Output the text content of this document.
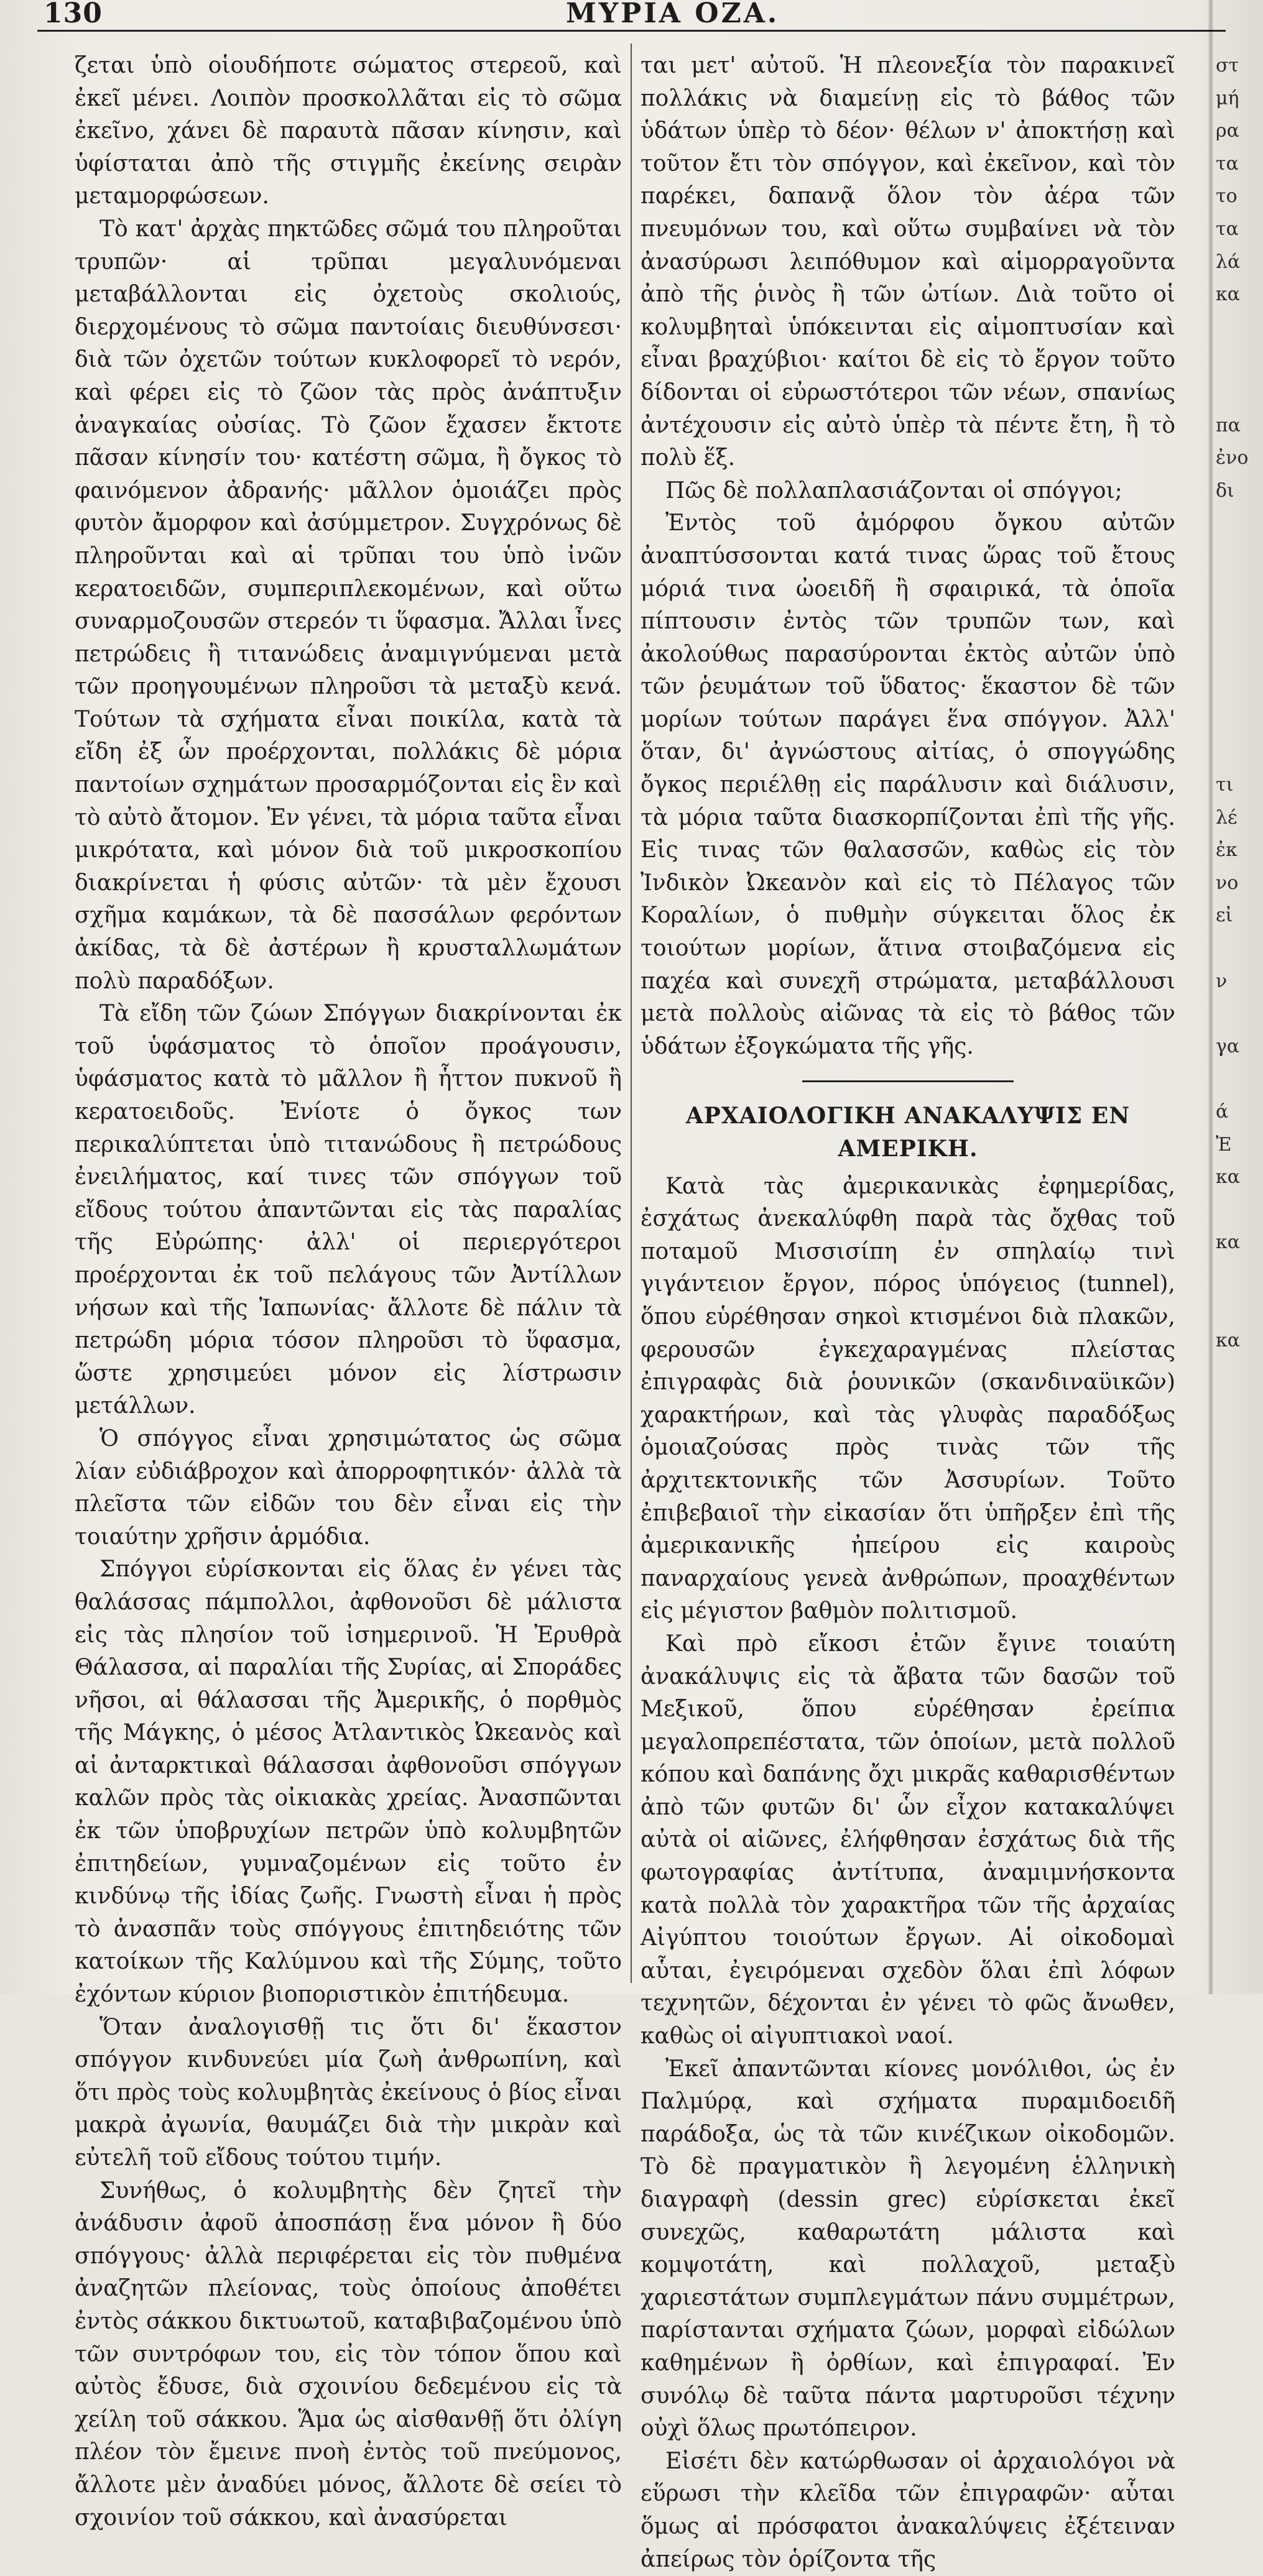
130	ΜΥΡΙΑ ΟΖΑ.

ζεται ὑπὸ οἱουδήποτε σώματος στερεοῦ, καὶ ἐκεῖ μένει. Λοιπὸν προσκολλᾶται εἰς τὸ σῶμα ἐκεῖνο, χάνει δὲ παραυτὰ πᾶσαν κίνησιν, καὶ ὑφίσταται ἀπὸ τῆς στιγμῆς ἐκείνης σειρὰν μεταμορφώσεων.

Τὸ κατ' ἀρχὰς πηκτῶδες σῶμά του πληροῦται τρυπῶν· αἱ τρῦπαι μεγαλυνόμεναι μεταβάλλονται εἰς ὀχετοὺς σκολιούς, διερχομένους τὸ σῶμα παντοίαις διευθύνσεσι· διὰ τῶν ὀχετῶν τούτων κυκλοφορεῖ τὸ νερόν, καὶ φέρει εἰς τὸ ζῶον τὰς πρὸς ἀνάπτυξιν ἀναγκαίας οὐσίας. Τὸ ζῶον ἔχασεν ἔκτοτε πᾶσαν κίνησίν του· κατέστη σῶμα, ἢ ὄγκος τὸ φαινόμενον ἀδρανής· μᾶλλον ὁμοιάζει πρὸς φυτὸν ἄμορφον καὶ ἀσύμμετρον. Συγχρόνως δὲ πληροῦνται καὶ αἱ τρῦπαι του ὑπὸ ἰνῶν κερατοειδῶν, συμπεριπλεκομένων, καὶ οὕτω συναρμοζουσῶν στερεόν τι ὕφασμα. Ἄλλαι ἶνες πετρώδεις ἢ τιτανώδεις ἀναμιγνύμεναι μετὰ τῶν προηγουμένων πληροῦσι τὰ μεταξὺ κενά. Τούτων τὰ σχήματα εἶναι ποικίλα, κατὰ τὰ εἴδη ἐξ ὧν προέρχονται, πολλάκις δὲ μόρια παντοίων σχημάτων προσαρμόζονται εἰς ἓν καὶ τὸ αὐτὸ ἄτομον. Ἐν γένει, τὰ μόρια ταῦτα εἶναι μικρότατα, καὶ μόνον διὰ τοῦ μικροσκοπίου διακρίνεται ἡ φύσις αὐτῶν· τὰ μὲν ἔχουσι σχῆμα καμάκων, τὰ δὲ πασσάλων φερόντων ἀκίδας, τὰ δὲ ἀστέρων ἢ κρυσταλλωμάτων πολὺ παραδόξων.

Τὰ εἴδη τῶν ζώων Σπόγγων διακρίνονται ἐκ τοῦ ὑφάσματος τὸ ὁποῖον προάγουσιν, ὑφάσματος κατὰ τὸ μᾶλλον ἢ ἧττον πυκνοῦ ἢ κερατοειδοῦς. Ἐνίοτε ὁ ὄγκος των περικαλύπτεται ὑπὸ τιτανώδους ἢ πετρώδους ἐνειλήματος, καί τινες τῶν σπόγγων τοῦ εἴδους τούτου ἀπαντῶνται εἰς τὰς παραλίας τῆς Εὐρώπης· ἀλλ' οἱ περιεργότεροι προέρχονται ἐκ τοῦ πελάγους τῶν Ἀντίλλων νήσων καὶ τῆς Ἰαπωνίας· ἄλλοτε δὲ πάλιν τὰ πετρώδη μόρια τόσον πληροῦσι τὸ ὕφασμα, ὥστε χρησιμεύει μόνον εἰς λίστρωσιν μετάλλων.

Ὁ σπόγγος εἶναι χρησιμώτατος ὡς σῶμα λίαν εὐδιάβροχον καὶ ἀπορροφητικόν· ἀλλὰ τὰ πλεῖστα τῶν εἰδῶν του δὲν εἶναι εἰς τὴν τοιαύτην χρῆσιν ἁρμόδια.

Σπόγγοι εὑρίσκονται εἰς ὅλας ἐν γένει τὰς θαλάσσας πάμπολλοι, ἀφθονοῦσι δὲ μάλιστα εἰς τὰς πλησίον τοῦ ἰσημερινοῦ. Ἡ Ἐρυθρὰ Θάλασσα, αἱ παραλίαι τῆς Συρίας, αἱ Σποράδες νῆσοι, αἱ θάλασσαι τῆς Ἀμερικῆς, ὁ πορθμὸς τῆς Μάγκης, ὁ μέσος Ἀτλαντικὸς Ὠκεανὸς καὶ αἱ ἀνταρκτικαὶ θάλασσαι ἀφθονοῦσι σπόγγων καλῶν πρὸς τὰς οἰκιακὰς χρείας. Ἀνασπῶνται ἐκ τῶν ὑποβρυχίων πετρῶν ὑπὸ κολυμβητῶν ἐπιτηδείων, γυμναζομένων εἰς τοῦτο ἐν κινδύνῳ τῆς ἰδίας ζωῆς. Γνωστὴ εἶναι ἡ πρὸς τὸ ἀνασπᾶν τοὺς σπόγγους ἐπιτηδειότης τῶν κατοίκων τῆς Καλύμνου καὶ τῆς Σύμης, τοῦτο ἐχόντων κύριον βιοποριστικὸν ἐπιτήδευμα.

Ὅταν ἀναλογισθῇ τις ὅτι δι' ἕκαστον σπόγγον κινδυνεύει μία ζωὴ ἀνθρωπίνη, καὶ ὅτι πρὸς τοὺς κολυμβητὰς ἐκείνους ὁ βίος εἶναι μακρὰ ἀγωνία, θαυμάζει διὰ τὴν μικρὰν καὶ εὐτελῆ τοῦ εἴδους τούτου τιμήν.

Συνήθως, ὁ κολυμβητὴς δὲν ζητεῖ τὴν ἀνάδυσιν ἀφοῦ ἀποσπάσῃ ἕνα μόνον ἢ δύο σπόγγους· ἀλλὰ περιφέρεται εἰς τὸν πυθμένα ἀναζητῶν πλείονας, τοὺς ὁποίους ἀποθέτει ἐντὸς σάκκου δικτυωτοῦ, καταβιβαζομένου ὑπὸ τῶν συντρόφων του, εἰς τὸν τόπον ὅπου καὶ αὐτὸς ἔδυσε, διὰ σχοινίου δεδεμένου εἰς τὰ χείλη τοῦ σάκκου. Ἅμα ὡς αἰσθανθῇ ὅτι ὀλίγη πλέον τὸν ἔμεινε πνοὴ ἐντὸς τοῦ πνεύμονος, ἄλλοτε μὲν ἀναδύει μόνος, ἄλλοτε δὲ σείει τὸ σχοινίον τοῦ σάκκου, καὶ ἀνασύρεται

ται μετ' αὐτοῦ. Ἡ πλεονεξία τὸν παρακινεῖ πολλάκις νὰ διαμείνῃ εἰς τὸ βάθος τῶν ὑδάτων ὑπὲρ τὸ δέον· θέλων ν' ἀποκτήσῃ καὶ τοῦτον ἔτι τὸν σπόγγον, καὶ ἐκεῖνον, καὶ τὸν παρέκει, δαπανᾷ ὅλον τὸν ἀέρα τῶν πνευμόνων του, καὶ οὕτω συμβαίνει νὰ τὸν ἀνασύρωσι λειπόθυμον καὶ αἱμορραγοῦντα ἀπὸ τῆς ῥινὸς ἢ τῶν ὠτίων. Διὰ τοῦτο οἱ κολυμβηταὶ ὑπόκεινται εἰς αἱμοπτυσίαν καὶ εἶναι βραχύβιοι· καίτοι δὲ εἰς τὸ ἔργον τοῦτο δίδονται οἱ εὐρωστότεροι τῶν νέων, σπανίως ἀντέχουσιν εἰς αὐτὸ ὑπὲρ τὰ πέντε ἔτη, ἢ τὸ πολὺ ἕξ.

Πῶς δὲ πολλαπλασιάζονται οἱ σπόγγοι;

Ἐντὸς τοῦ ἀμόρφου ὄγκου αὐτῶν ἀναπτύσσονται κατά τινας ὥρας τοῦ ἔτους μόριά τινα ὠοειδῆ ἢ σφαιρικά, τὰ ὁποῖα πίπτουσιν ἐντὸς τῶν τρυπῶν των, καὶ ἀκολούθως παρασύρονται ἐκτὸς αὐτῶν ὑπὸ τῶν ῥευμάτων τοῦ ὕδατος· ἕκαστον δὲ τῶν μορίων τούτων παράγει ἕνα σπόγγον. Ἀλλ' ὅταν, δι' ἀγνώστους αἰτίας, ὁ σπογγώδης ὄγκος περιέλθῃ εἰς παράλυσιν καὶ διάλυσιν, τὰ μόρια ταῦτα διασκορπίζονται ἐπὶ τῆς γῆς. Εἰς τινας τῶν θαλασσῶν, καθὼς εἰς τὸν Ἰνδικὸν Ὠκεανὸν καὶ εἰς τὸ Πέλαγος τῶν Κοραλίων, ὁ πυθμὴν σύγκειται ὅλος ἐκ τοιούτων μορίων, ἅτινα στοιβαζόμενα εἰς παχέα καὶ συνεχῆ στρώματα, μεταβάλλουσι μετὰ πολλοὺς αἰῶνας τὰ εἰς τὸ βάθος τῶν ὑδάτων ἐξογκώματα τῆς γῆς.

ΑΡΧΑΙΟΛΟΓΙΚΗ ΑΝΑΚΑΛΥΨΙΣ ΕΝ ΑΜΕΡΙΚΗ.

Κατὰ τὰς ἀμερικανικὰς ἐφημερίδας, ἐσχάτως ἀνεκαλύφθη παρὰ τὰς ὄχθας τοῦ ποταμοῦ Μισσισίπη ἐν σπηλαίῳ τινὶ γιγάντειον ἔργον, πόρος ὑπόγειος (tunnel), ὅπου εὑρέθησαν σηκοὶ κτισμένοι διὰ πλακῶν, φερουσῶν ἐγκεχαραγμένας πλείστας ἐπιγραφὰς διὰ ῥουνικῶν (σκανδιναϋικῶν) χαρακτήρων, καὶ τὰς γλυφὰς παραδόξως ὁμοιαζούσας πρὸς τινὰς τῶν τῆς ἀρχιτεκτονικῆς τῶν Ἀσσυρίων. Τοῦτο ἐπιβεβαιοῖ τὴν εἰκασίαν ὅτι ὑπῆρξεν ἐπὶ τῆς ἀμερικανικῆς ἠπείρου εἰς καιροὺς παναρχαίους γενεὰ ἀνθρώπων, προαχθέντων εἰς μέγιστον βαθμὸν πολιτισμοῦ.

Καὶ πρὸ εἴκοσι ἐτῶν ἔγινε τοιαύτη ἀνακάλυψις εἰς τὰ ἄβατα τῶν δασῶν τοῦ Μεξικοῦ, ὅπου εὑρέθησαν ἐρείπια μεγαλοπρεπέστατα, τῶν ὁποίων, μετὰ πολλοῦ κόπου καὶ δαπάνης ὄχι μικρᾶς καθαρισθέντων ἀπὸ τῶν φυτῶν δι' ὧν εἶχον κατακαλύψει αὐτὰ οἱ αἰῶνες, ἐλήφθησαν ἐσχάτως διὰ τῆς φωτογραφίας ἀντίτυπα, ἀναμιμνήσκοντα κατὰ πολλὰ τὸν χαρακτῆρα τῶν τῆς ἀρχαίας Αἰγύπτου τοιούτων ἔργων. Αἱ οἰκοδομαὶ αὗται, ἐγειρόμεναι σχεδὸν ὅλαι ἐπὶ λόφων τεχνητῶν, δέχονται ἐν γένει τὸ φῶς ἄνωθεν, καθὼς οἱ αἰγυπτιακοὶ ναοί.

Ἐκεῖ ἀπαντῶνται κίονες μονόλιθοι, ὡς ἐν Παλμύρᾳ, καὶ σχήματα πυραμιδοειδῆ παράδοξα, ὡς τὰ τῶν κινέζικων οἰκοδομῶν. Τὸ δὲ πραγματικὸν ἢ λεγομένη ἑλληνικὴ διαγραφὴ (dessin grec) εὑρίσκεται ἐκεῖ συνεχῶς, καθαρωτάτη μάλιστα καὶ κομψοτάτη, καὶ πολλαχοῦ, μεταξὺ χαριεστάτων συμπλεγμάτων πάνυ συμμέτρων, παρίστανται σχήματα ζώων, μορφαὶ εἰδώλων καθημένων ἢ ὀρθίων, καὶ ἐπιγραφαί. Ἐν συνόλῳ δὲ ταῦτα πάντα μαρτυροῦσι τέχνην οὐχὶ ὅλως πρωτόπειρον.

Εἰσέτι δὲν κατώρθωσαν οἱ ἀρχαιολόγοι νὰ εὕρωσι τὴν κλεῖδα τῶν ἐπιγραφῶν· αὗται ὅμως αἱ πρόσφατοι ἀνακαλύψεις ἐξέτειναν ἀπείρως τὸν ὁρίζοντα τῆς

στ
μή
ρα
τα
το
τα
λά
κα
πα
ἐνο
δι
τι
λέ
ἐκ
νο
εἰ
ν
γα
ά
Ἐ
κα
κα
κα
